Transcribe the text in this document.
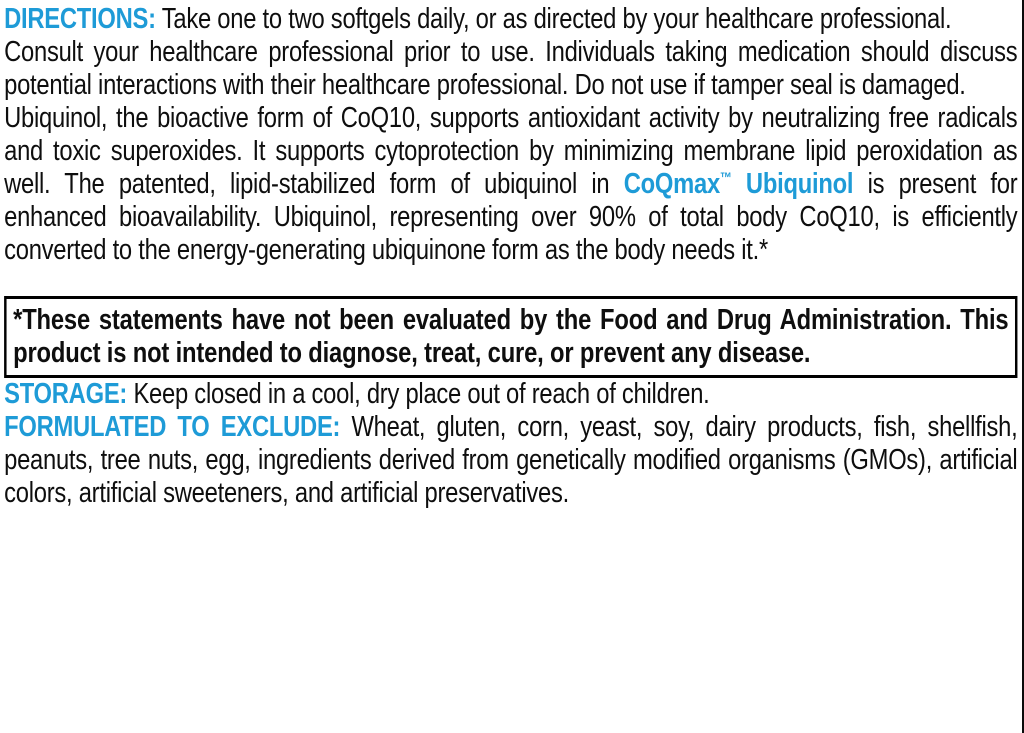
DIRECTIONS: Take one to two softgels daily, or as directed by your healthcare professional.

Consult your healthcare professional prior to use. Individuals taking medication should discuss potential interactions with their healthcare professional. Do not use if tamper seal is damaged.

Ubiquinol, the bioactive form of CoQ10, supports antioxidant activity by neutralizing free radicals and toxic superoxides. It supports cytoprotection by minimizing membrane lipid peroxidation as well. The patented, lipid-stabilized form of ubiquinol in CoQmax™ Ubiquinol is present for enhanced bioavailability. Ubiquinol, representing over 90% of total body CoQ10, is efficiently converted to the energy-generating ubiquinone form as the body needs it.*

*These statements have not been evaluated by the Food and Drug Administration. This product is not intended to diagnose, treat, cure, or prevent any disease.

STORAGE: Keep closed in a cool, dry place out of reach of children.

FORMULATED TO EXCLUDE: Wheat, gluten, corn, yeast, soy, dairy products, fish, shellfish, peanuts, tree nuts, egg, ingredients derived from genetically modified organisms (GMOs), artificial colors, artificial sweeteners, and artificial preservatives.
